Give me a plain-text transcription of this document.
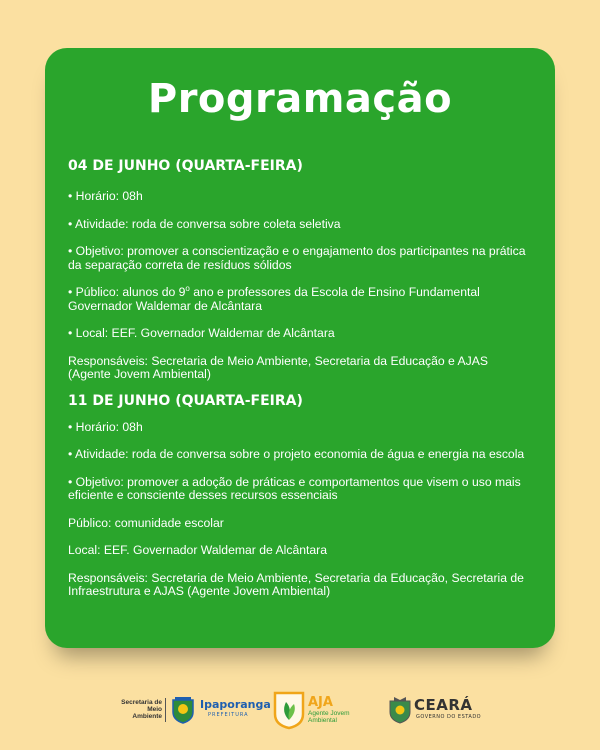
Programação
04 DE JUNHO (QUARTA-FEIRA)

• Horário: 08h

• Atividade: roda de conversa sobre coleta seletiva

• Objetivo: promover a conscientização e o engajamento dos participantes na prática da separação correta de resíduos sólidos

• Público: alunos do 9$^o$ ano e professores da Escola de Ensino Fundamental Governador Waldemar de Alcântara

• Local: EEF. Governador Waldemar de Alcântara

Responsáveis: Secretaria de Meio Ambiente, Secretaria da Educação e AJAS (Agente Jovem Ambiental)

11 DE JUNHO (QUARTA-FEIRA)

• Horário: 08h

• Atividade: roda de conversa sobre o projeto economia de água e energia na escola

• Objetivo: promover a adoção de práticas e comportamentos que visem o uso mais eficiente e consciente desses recursos essenciais

Público: comunidade escolar

Local: EEF. Governador Waldemar de Alcântara

Responsáveis: Secretaria de Meio Ambiente, Secretaria da Educação, Secretaria de Infraestrutura e AJAS (Agente Jovem Ambiental)

Secretaria de Meio Ambiente
Ipaporanga
PREFEITURA
AJA
Agente Jovem Ambiental
CEARÁ
GOVERNO DO ESTADO
